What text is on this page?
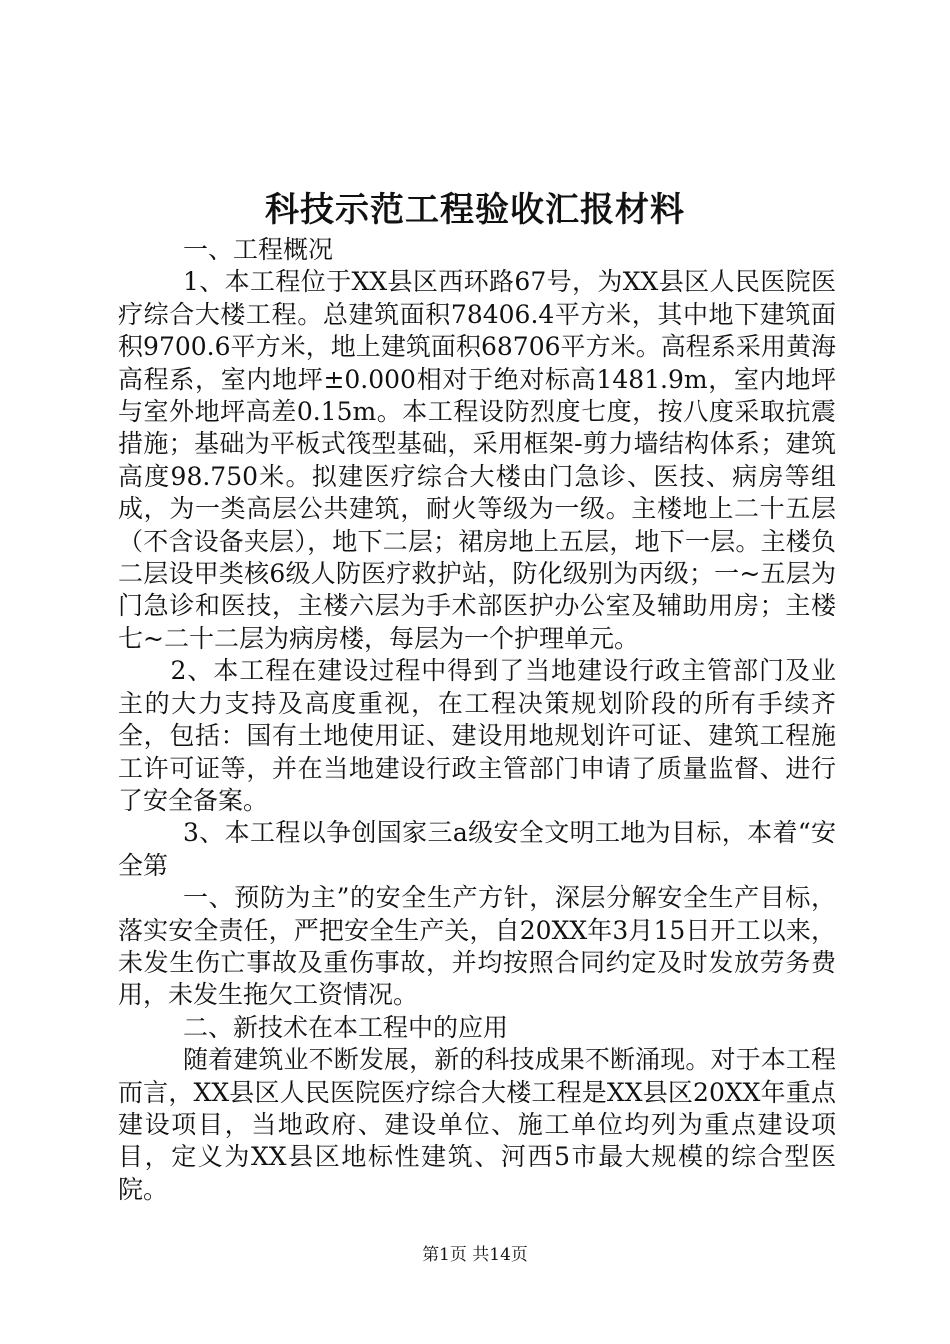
科技示范工程验收汇报材料

一、工程概况

1、本工程位于XX县区西环路67号，为XX县区人民医院医疗综合大楼工程。总建筑面积78406.4平方米，其中地下建筑面积9700.6平方米，地上建筑面积68706平方米。高程系采用黄海高程系，室内地坪±0.000相对于绝对标高1481.9m，室内地坪与室外地坪高差0.15m。本工程设防烈度七度，按八度采取抗震措施；基础为平板式筏型基础，采用框架-剪力墙结构体系；建筑高度98.750米。拟建医疗综合大楼由门急诊、医技、病房等组成，为一类高层公共建筑，耐火等级为一级。主楼地上二十五层（不含设备夹层），地下二层；裙房地上五层，地下一层。主楼负二层设甲类核6级人防医疗救护站，防化级别为丙级；一~五层为门急诊和医技，主楼六层为手术部医护办公室及辅助用房；主楼七~二十二层为病房楼，每层为一个护理单元。

2、本工程在建设过程中得到了当地建设行政主管部门及业主的大力支持及高度重视，在工程决策规划阶段的所有手续齐全，包括：国有土地使用证、建设用地规划许可证、建筑工程施工许可证等，并在当地建设行政主管部门申请了质量监督、进行了安全备案。

3、本工程以争创国家三a级安全文明工地为目标，本着“安全第

一、预防为主”的安全生产方针，深层分解安全生产目标，落实安全责任，严把安全生产关，自20XX年3月15日开工以来，未发生伤亡事故及重伤事故，并均按照合同约定及时发放劳务费用，未发生拖欠工资情况。

二、新技术在本工程中的应用

随着建筑业不断发展，新的科技成果不断涌现。对于本工程而言，XX县区人民医院医疗综合大楼工程是XX县区20XX年重点建设项目，当地政府、建设单位、施工单位均列为重点建设项目，定义为XX县区地标性建筑、河西5市最大规模的综合型医院。

第1页 共14页
